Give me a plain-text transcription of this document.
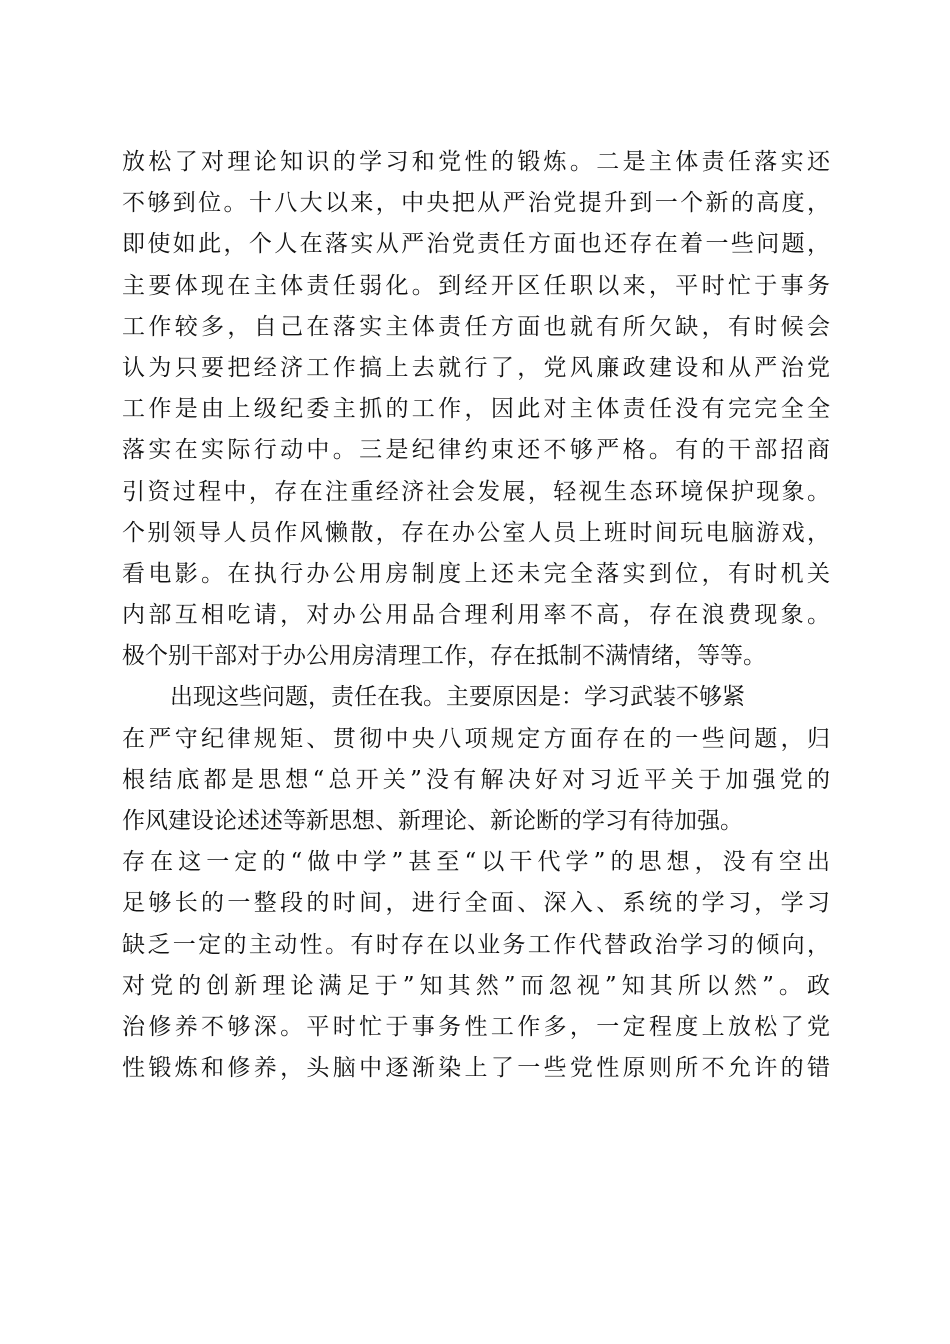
放松了对理论知识的学习和党性的锻炼。二是主体责任落实还
不够到位。十八大以来，中央把从严治党提升到一个新的高度，
即使如此，个人在落实从严治党责任方面也还存在着一些问题，
主要体现在主体责任弱化。到经开区任职以来，平时忙于事务
工作较多，自己在落实主体责任方面也就有所欠缺，有时候会
认为只要把经济工作搞上去就行了，党风廉政建设和从严治党
工作是由上级纪委主抓的工作，因此对主体责任没有完完全全
落实在实际行动中。三是纪律约束还不够严格。有的干部招商
引资过程中，存在注重经济社会发展，轻视生态环境保护现象。
个别领导人员作风懒散，存在办公室人员上班时间玩电脑游戏，
看电影。在执行办公用房制度上还未完全落实到位，有时机关
内部互相吃请，对办公用品合理利用率不高，存在浪费现象。
极个别干部对于办公用房清理工作，存在抵制不满情绪，等等。
出现这些问题，责任在我。主要原因是：学习武装不够紧
在严守纪律规矩、贯彻中央八项规定方面存在的一些问题，归
根结底都是思想“总开关”没有解决好对习近平关于加强党的
作风建设论述述等新思想、新理论、新论断的学习有待加强。
存在这一定的“做中学”甚至“以干代学”的思想，没有空出
足够长的一整段的时间，进行全面、深入、系统的学习，学习
缺乏一定的主动性。有时存在以业务工作代替政治学习的倾向，
对党的创新理论满足于”知其然”而忽视”知其所以然”。政
治修养不够深。平时忙于事务性工作多，一定程度上放松了党
性锻炼和修养，头脑中逐渐染上了一些党性原则所不允许的错
